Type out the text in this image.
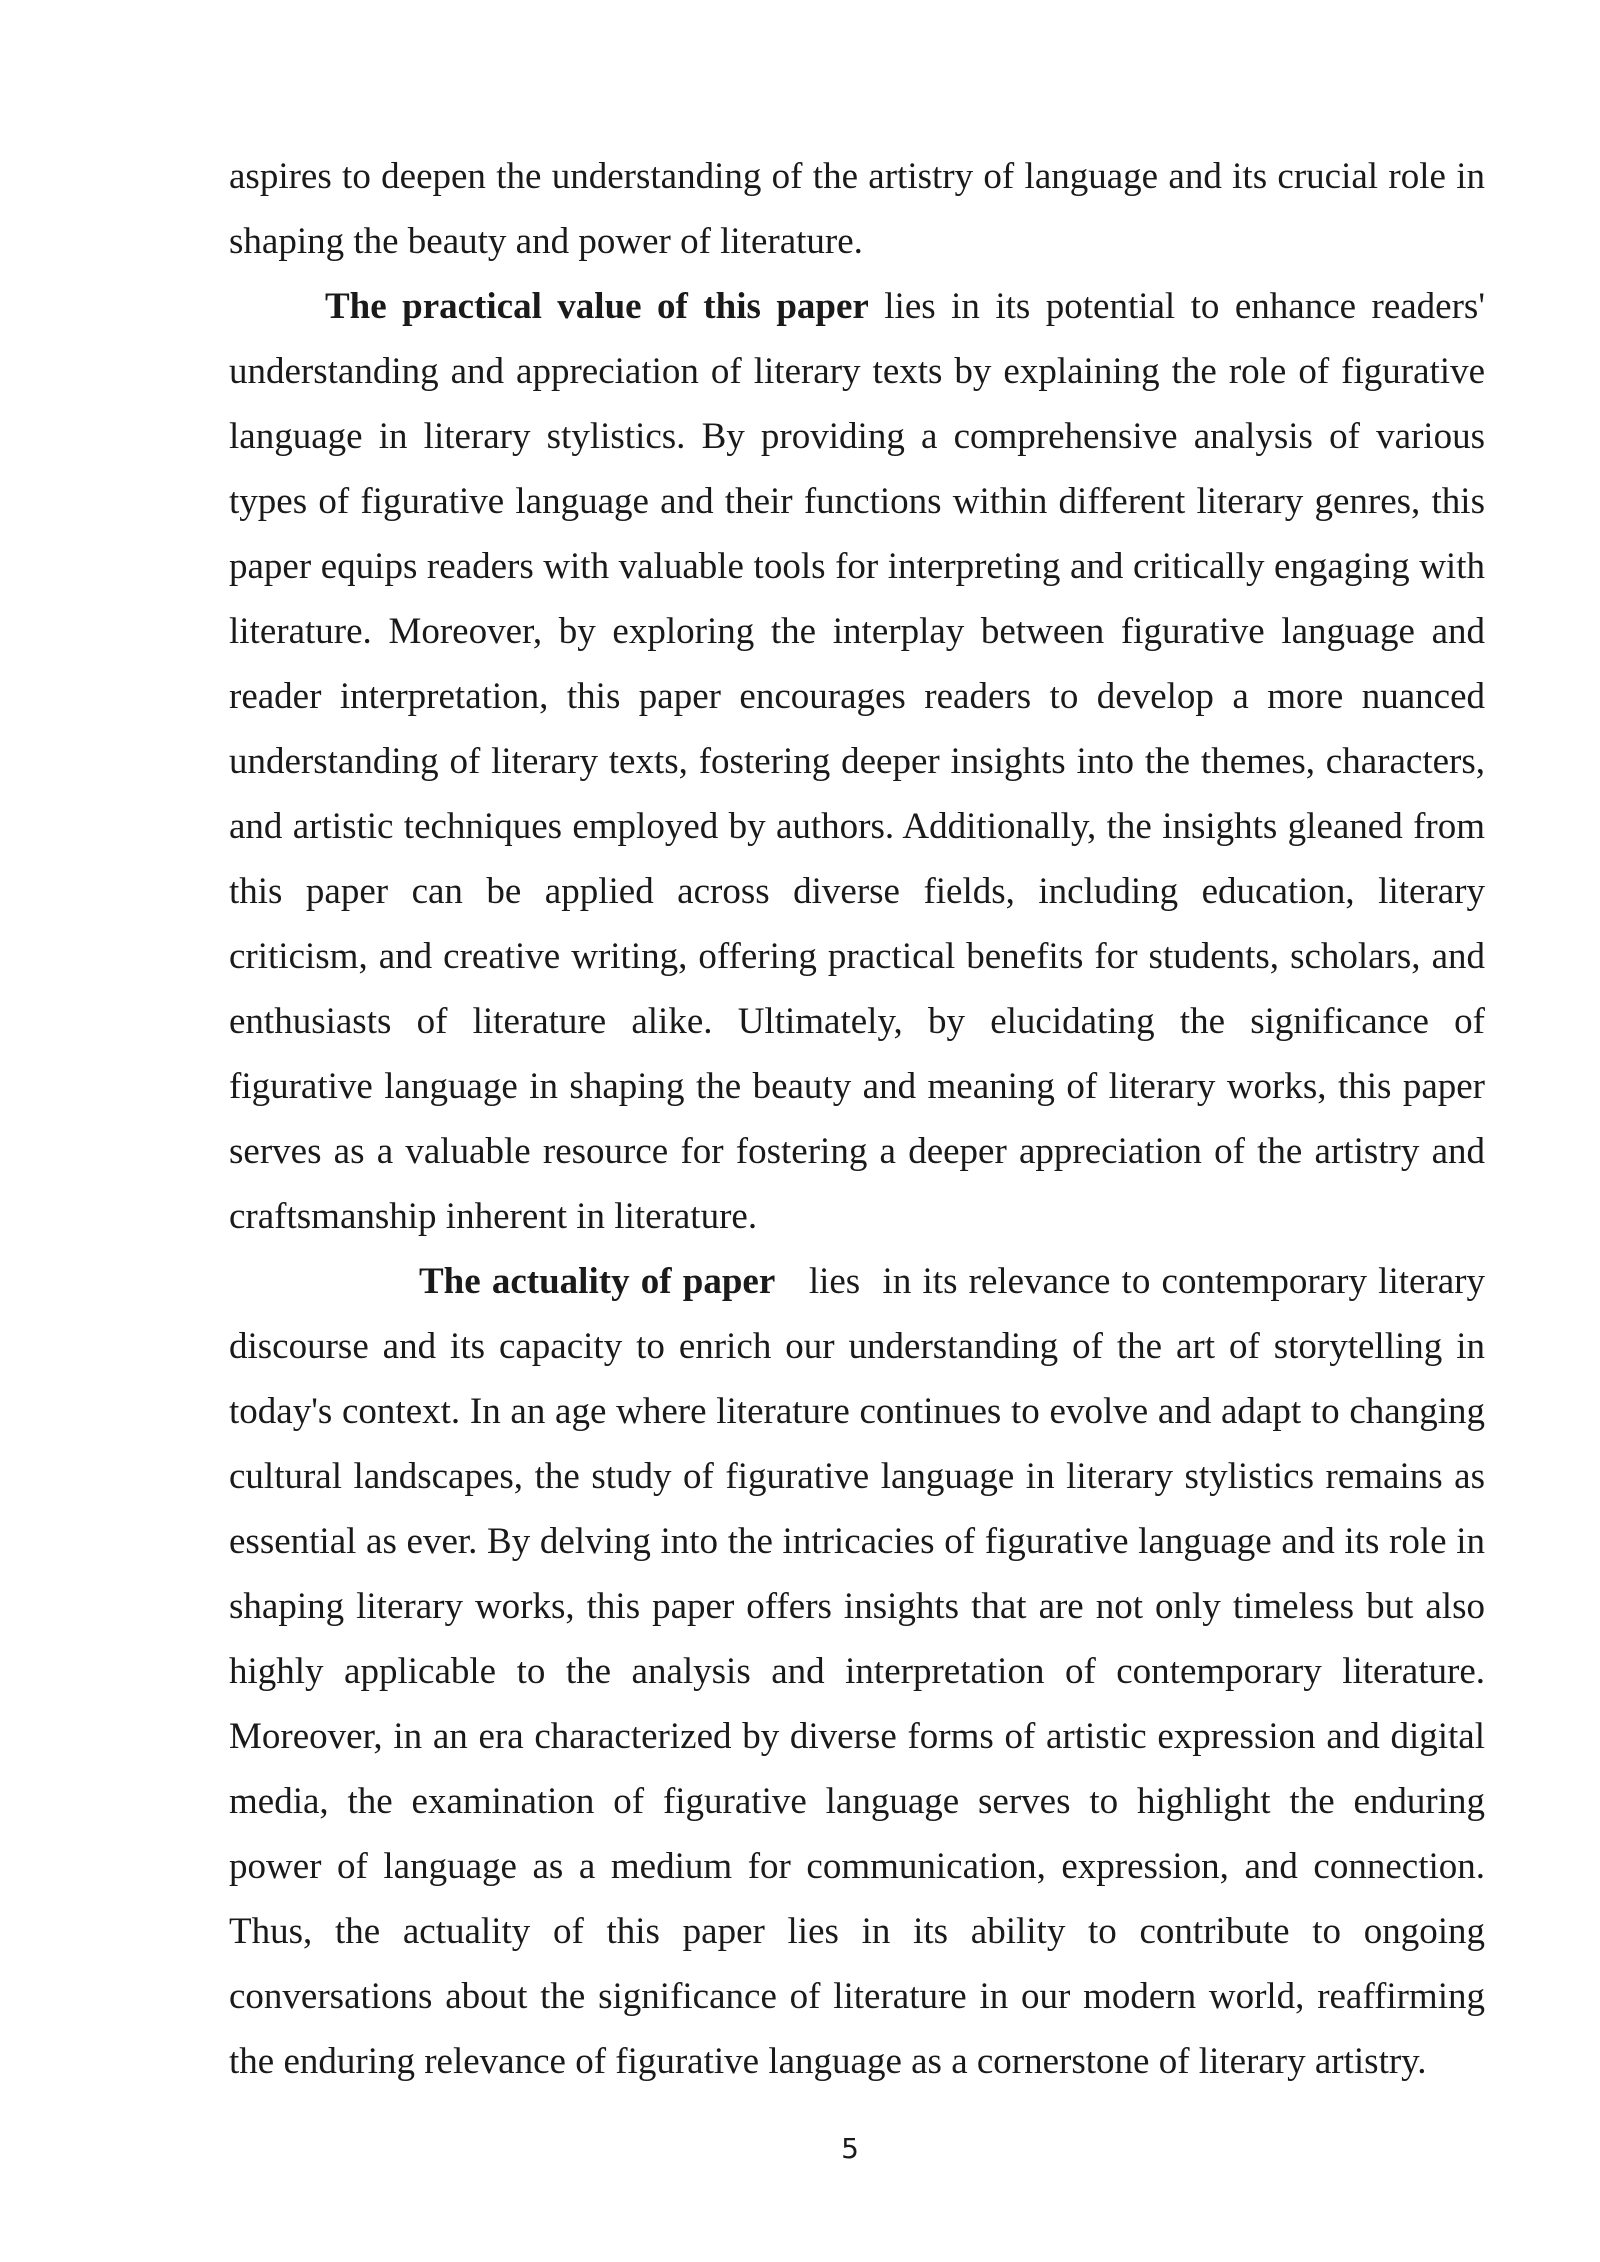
aspires to deepen the understanding of the artistry of language and its crucial role in shaping the beauty and power of literature.

The practical value of this paper lies in its potential to enhance readers' understanding and appreciation of literary texts by explaining the role of figurative language in literary stylistics. By providing a comprehensive analysis of various types of figurative language and their functions within different literary genres, this paper equips readers with valuable tools for interpreting and critically engaging with literature. Moreover, by exploring the interplay between figurative language and reader interpretation, this paper encourages readers to develop a more nuanced understanding of literary texts, fostering deeper insights into the themes, characters, and artistic techniques employed by authors. Additionally, the insights gleaned from this paper can be applied across diverse fields, including education, literary criticism, and creative writing, offering practical benefits for students, scholars, and enthusiasts of literature alike. Ultimately, by elucidating the significance of figurative language in shaping the beauty and meaning of literary works, this paper serves as a valuable resource for fostering a deeper appreciation of the artistry and craftsmanship inherent in literature.

The actuality of paper   lies  in its relevance to contemporary literary discourse and its capacity to enrich our understanding of the art of storytelling in today's context. In an age where literature continues to evolve and adapt to changing cultural landscapes, the study of figurative language in literary stylistics remains as essential as ever. By delving into the intricacies of figurative language and its role in shaping literary works, this paper offers insights that are not only timeless but also highly applicable to the analysis and interpretation of contemporary literature. Moreover, in an era characterized by diverse forms of artistic expression and digital media, the examination of figurative language serves to highlight the enduring power of language as a medium for communication, expression, and connection. Thus, the actuality of this paper lies in its ability to contribute to ongoing conversations about the significance of literature in our modern world, reaffirming the enduring relevance of figurative language as a cornerstone of literary artistry.

5
